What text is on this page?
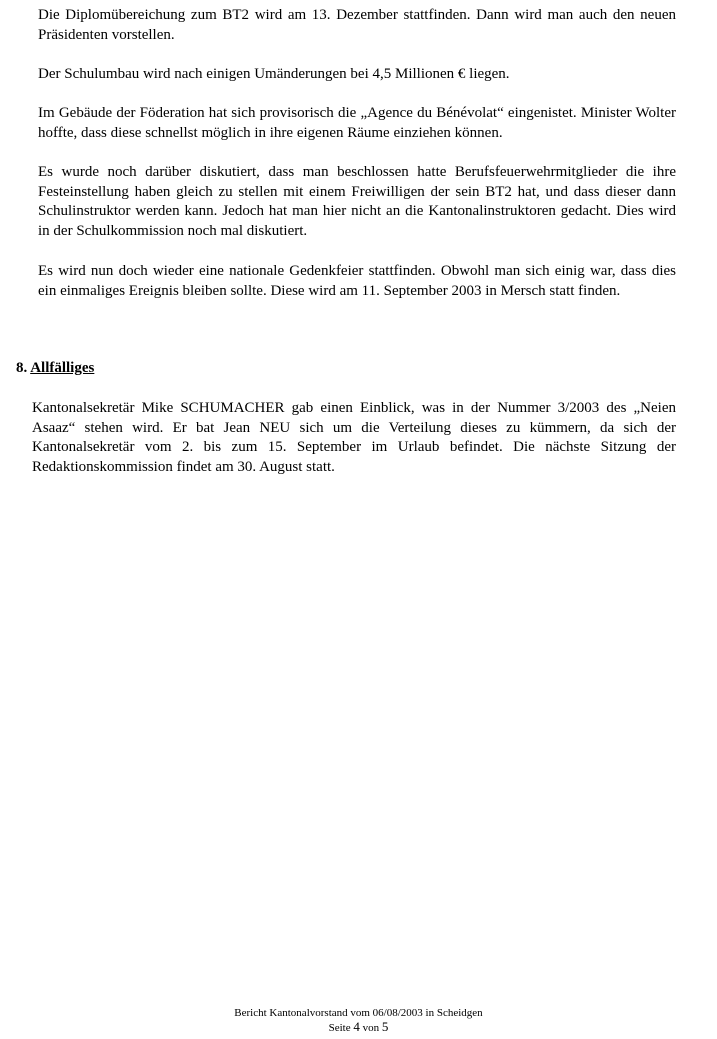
Die Diplomübereichung zum BT2 wird am 13. Dezember stattfinden. Dann wird man auch den neuen Präsidenten vorstellen.

Der Schulumbau wird nach einigen Umänderungen bei 4,5 Millionen € liegen.

Im Gebäude der Föderation hat sich provisorisch die „Agence du Bénévolat“ eingenistet. Minister Wolter hoffte, dass diese schnellst möglich in ihre eigenen Räume einziehen können.

Es wurde noch darüber diskutiert, dass man beschlossen hatte Berufsfeuerwehrmitglieder die ihre Festeinstellung haben gleich zu stellen mit einem Freiwilligen der sein BT2 hat, und dass dieser dann Schulinstruktor werden kann. Jedoch hat man hier nicht an die Kantonalinstruktoren gedacht. Dies wird in der Schulkommission noch mal diskutiert.

Es wird nun doch wieder eine nationale Gedenkfeier stattfinden. Obwohl man sich einig war, dass dies ein einmaliges Ereignis bleiben sollte. Diese wird am 11. September 2003 in Mersch statt finden.

8. Allfälliges

Kantonalsekretär Mike SCHUMACHER gab einen Einblick, was in der Nummer 3/2003 des „Neien Asaaz“ stehen wird. Er bat Jean NEU sich um die Verteilung dieses zu kümmern, da sich der Kantonalsekretär vom 2. bis zum 15. September im Urlaub befindet. Die nächste Sitzung der Redaktionskommission findet am 30. August statt.

Bericht Kantonalvorstand vom 06/08/2003 in Scheidgen
Seite 4 von 5
